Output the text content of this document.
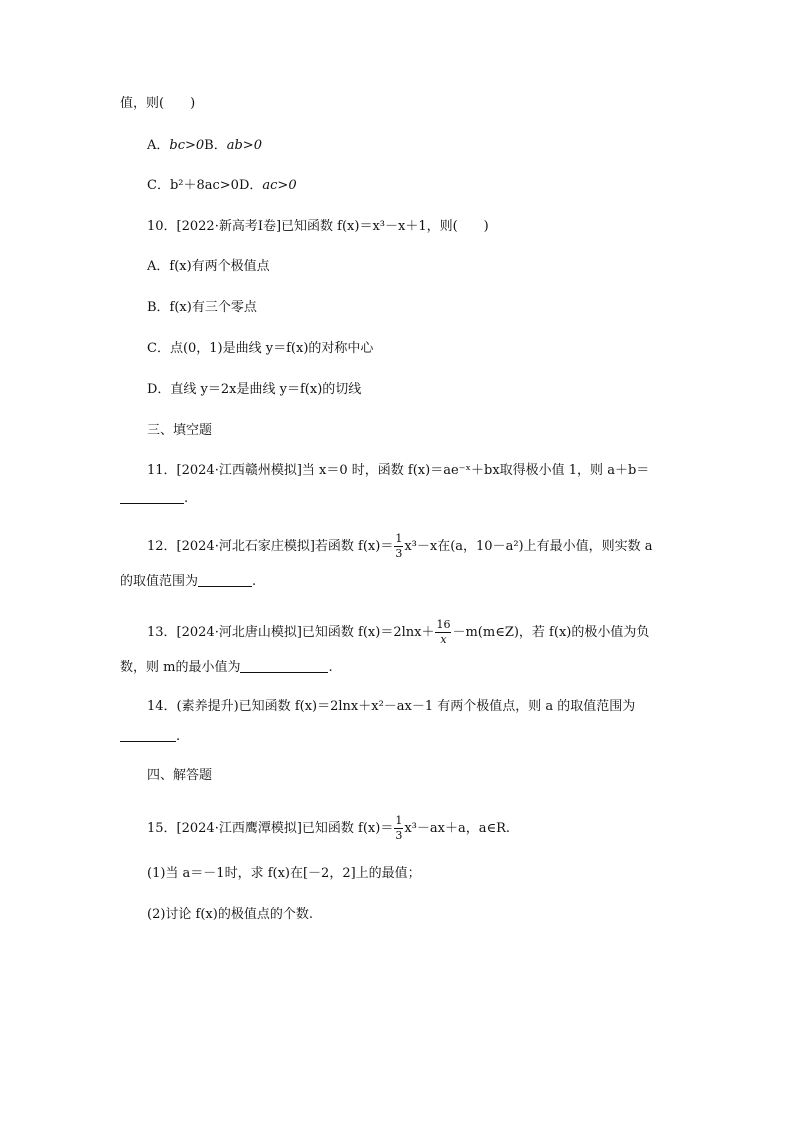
值，则(　　)
A．bc>0B．ab>0
C．b²＋8ac>0D．ac>0
10．[2022·新高考Ⅰ卷]已知函数 f(x)＝x³－x＋1，则(　　)
A．f(x)有两个极值点
B．f(x)有三个零点
C．点(0，1)是曲线 y＝f(x)的对称中心
D．直线 y＝2x是曲线 y＝f(x)的切线
三、填空题
11．[2024·江西赣州模拟]当 x＝0 时，函数 f(x)＝ae⁻ˣ＋bx取得极小值 1，则 a＋b＝
.
12．[2024·河北石家庄模拟]若函数 $f(x)= \frac{1}{3} x^3-x$在(a，10－a²)上有最小值，则实数 a
的取值范围为	.
13．[2024·河北唐山模拟]已知函数 $f(x)=2\ln x+ \frac{16}{x}$ －m(m∈Z)，若 f(x)的极小值为负
数，则 m的最小值为	.
14．(素养提升)已知函数 f(x)＝2lnx＋x²－ax－1 有两个极值点，则 a 的取值范围为
.
四、解答题
15．[2024·江西鹰潭模拟]已知函数 $f(x)= \frac{1}{3} x^3-ax+a$，a∈R.
(1)当 a＝－1时，求 f(x)在[－2，2]上的最值；
(2)讨论 f(x)的极值点的个数.
